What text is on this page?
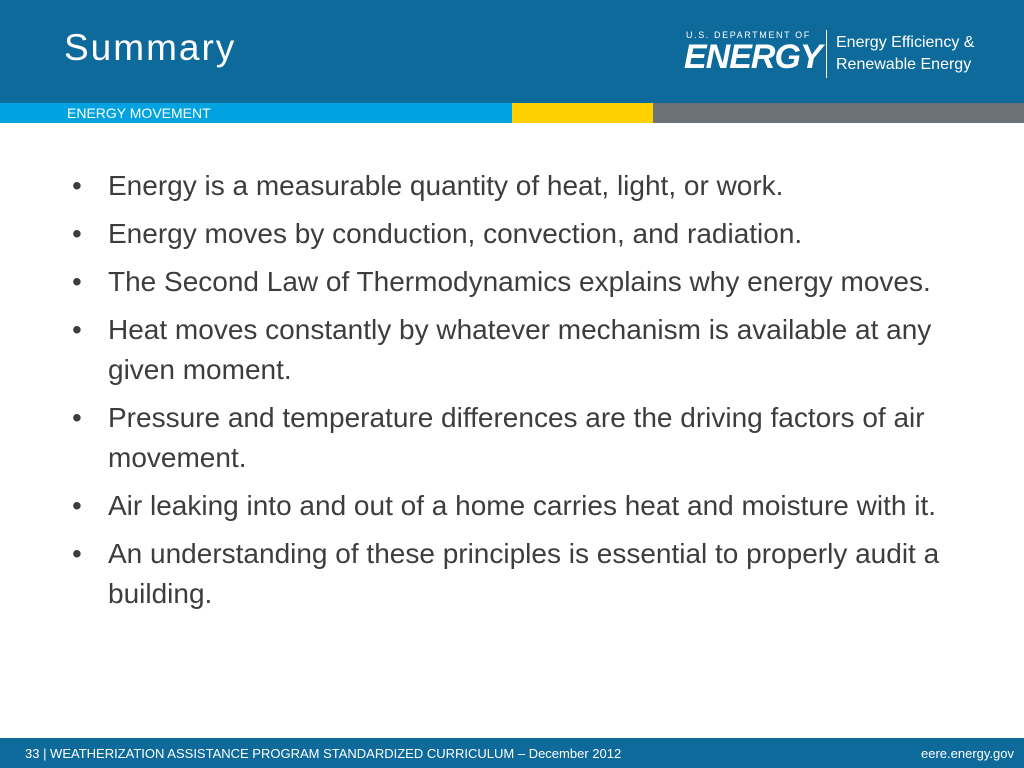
Summary	U.S. DEPARTMENT OF
ENERGY Energy Efficiency &
Renewable Energy
ENERGY MOVEMENT
• Energy is a measurable quantity of heat, light, or work.
• Energy moves by conduction, convection, and radiation.
• The Second Law of Thermodynamics explains why energy moves.
• Heat moves constantly by whatever mechanism is available at any given moment.
• Pressure and temperature differences are the driving factors of air movement.
• Air leaking into and out of a home carries heat and moisture with it.
• An understanding of these principles is essential to properly audit a building.
33 | WEATHERIZATION ASSISTANCE PROGRAM STANDARDIZED CURRICULUM – December 2012	eere.energy.gov
